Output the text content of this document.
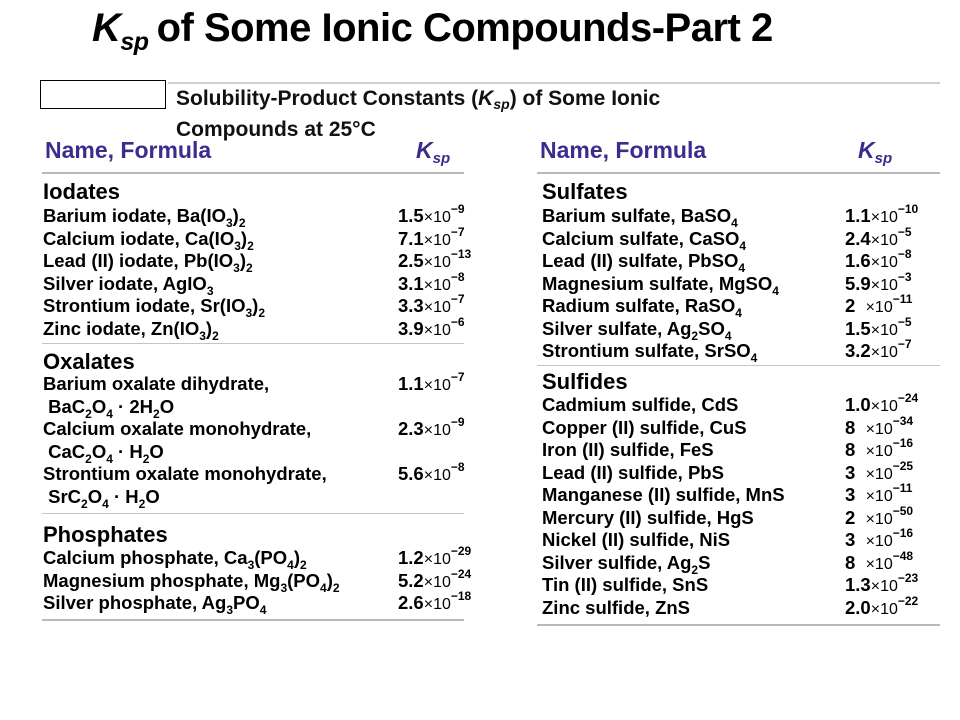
$K_{sp}$ of Some Ionic Compounds-Part 2
Solubility-Product Constants $(K_{sp})$ of Some Ionic
Compounds at 25°C
Name, Formula	$K_{sp}$	Name, Formula	$K_{sp}$
Iodates
Barium iodate, $Ba(IO_3)_2$	$1.5\times 10^{-9}$
Calcium iodate, $Ca(IO_3)_2$	$7.1\times 10^{-7}$
Lead (II) iodate, $Pb(IO_3)_2$	$2.5\times 10^{-13}$
Silver iodate, AgIO$_3$	$3.1\times 10^{-8}$
Strontium iodate, $Sr(IO_3)_2$	$3.3\times 10^{-7}$
Zinc iodate, $Zn(IO_3)_2$	$3.9\times 10^{-6}$
Oxalates
Barium oxalate dihydrate,	$1.1\times 10^{-7}$
$BaC_2O_4 \cdot 2H_2O$
Calcium oxalate monohydrate,	$2.3\times 10^{-9}$
$CaC_2O_4 \cdot H_2O$
Strontium oxalate monohydrate,	$5.6\times 10^{-8}$
$SrC_2O_4 \cdot H_2O$
Phosphates
Calcium phosphate, $Ca_3(PO_4)_2$	$1.2\times 10^{-29}$
Magnesium phosphate, $Mg_3(PO_4)_2$	$5.2\times 10^{-24}$
Silver phosphate, $Ag_3PO_4$	$2.6\times 10^{-18}$
Sulfates
Barium sulfate, BaSO$_4$	$1.1\times 10^{-10}$
Calcium sulfate, CaSO$_4$	$2.4\times 10^{-5}$
Lead (II) sulfate, PbSO$_4$	$1.6\times 10^{-8}$
Magnesium sulfate, MgSO$_4$	$5.9\times 10^{-3}$
Radium sulfate, RaSO$_4$	$2 \times 10^{-11}$
Silver sulfate, $Ag_2SO_4$	$1.5\times 10^{-5}$
Strontium sulfate, SrSO$_4$	$3.2\times 10^{-7}$
Sulfides
Cadmium sulfide, CdS	$1.0\times 10^{-24}$
Copper (II) sulfide, CuS	$8 \times 10^{-34}$
Iron (II) sulfide, FeS	$8 \times 10^{-16}$
Lead (II) sulfide, PbS	$3 \times 10^{-25}$
Manganese (II) sulfide, MnS	$3 \times 10^{-11}$
Mercury (II) sulfide, HgS	$2 \times 10^{-50}$
Nickel (II) sulfide, NiS	$3 \times 10^{-16}$
Silver sulfide, $Ag_2S$	$8 \times 10^{-48}$
Tin (II) sulfide, SnS	$1.3\times 10^{-23}$
Zinc sulfide, ZnS	$2.0\times 10^{-22}$
